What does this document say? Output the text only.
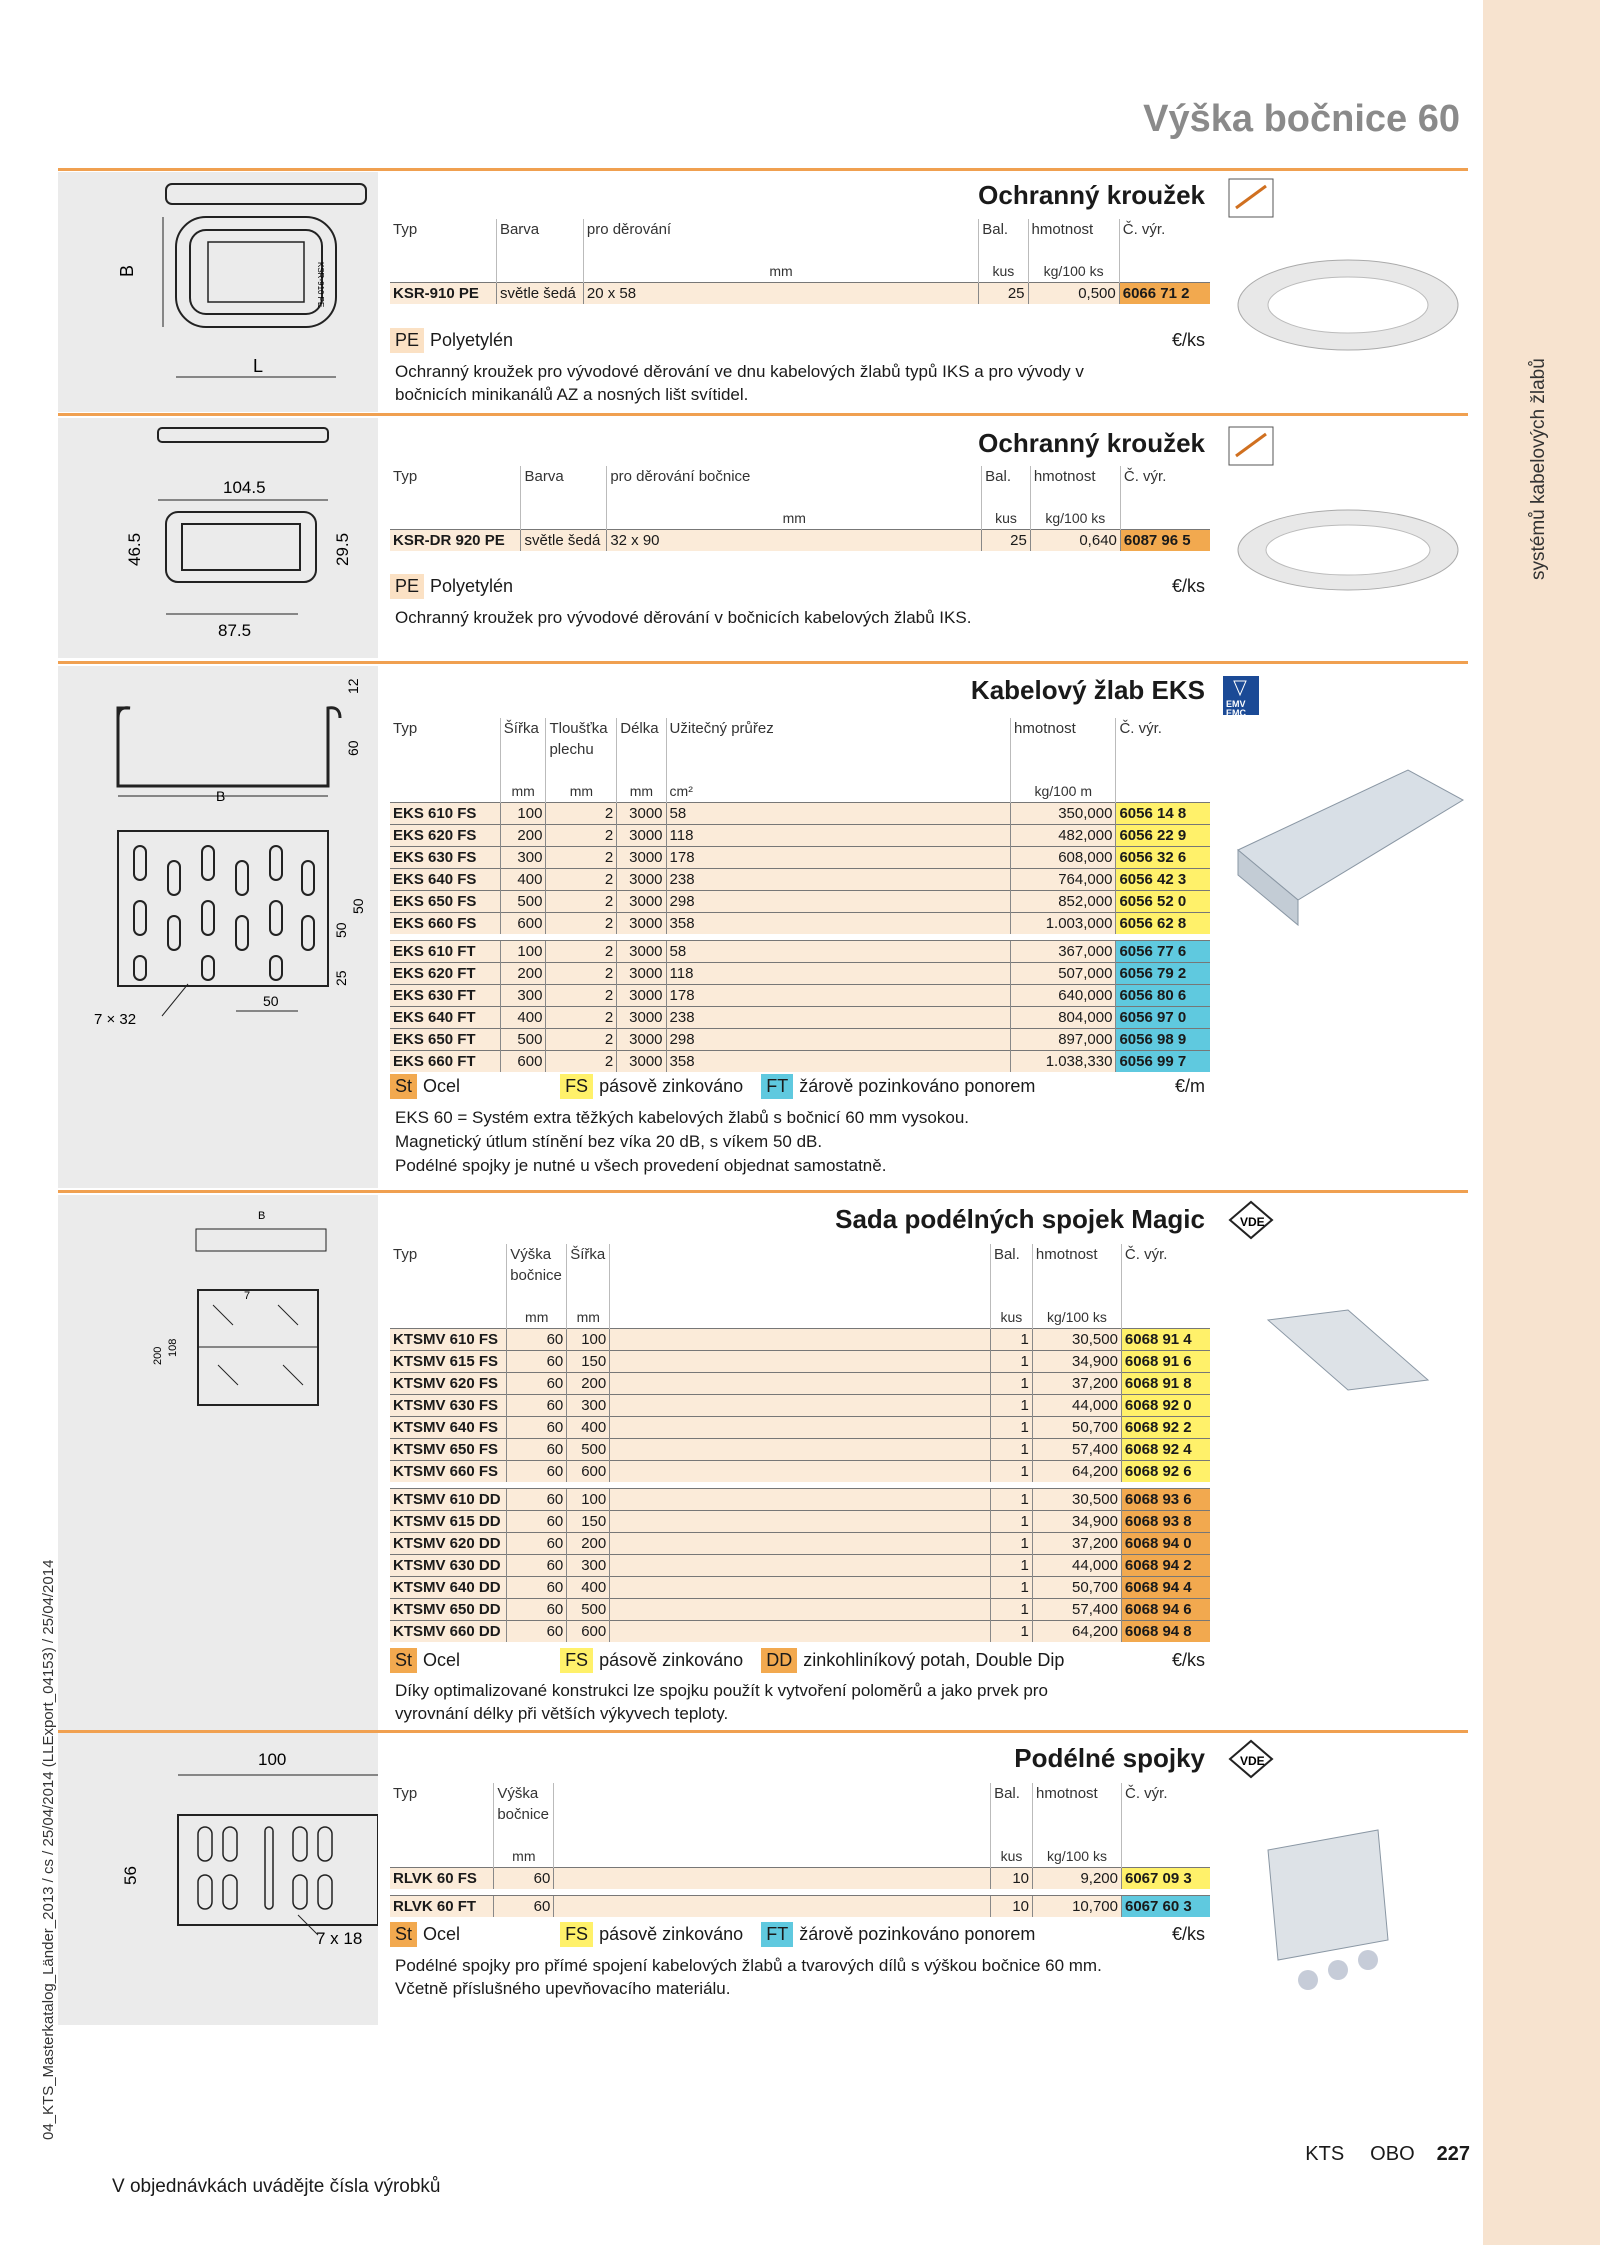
systémů kabelových žlabů
04_KTS_Masterkatalog_Länder_2013 / cs / 25/04/2014 (LLExport_04153) / 25/04/2014
Výška bočnice 60
B
L
KSR-910 PE
Ochranný kroužek
Typ	Barva	pro děrování	Bal.	hmotnost	Č. výr.

		mm	kus	kg/100 ks	
KSR-910 PE	světle šedá	20 x 58	25	0,500	6066 71 2
PE Polyetylén	€/ks
Ochranný kroužek pro vývodové děrování ve dnu kabelových žlabů typů IKS a pro vývody v
bočnicích minikanálů AZ a nosných lišt svítidel.
104.5
46.5	29.5
87.5
Ochranný kroužek
Typ	Barva	pro děrování bočnice	Bal.	hmotnost	Č. výr.

		mm	kus	kg/100 ks	
KSR-DR 920 PE	světle šedá	32 x 90	25	0,640	6087 96 5
PE Polyetylén	€/ks
Ochranný kroužek pro vývodové děrování v bočnicích kabelových žlabů IKS.
B
12
60
50
50
25
50
7 × 32
Kabelový žlab EKS EMV
EMC
Typ	Šířka	Tloušťka plechu	Délka	Užitečný průřez	hmotnost	Č. výr.

	mm	mm	mm	cm²	kg/100 m	
EKS 610 FS	100	2	3000	58	350,000	6056 14 8
EKS 620 FS	200	2	3000	118	482,000	6056 22 9
EKS 630 FS	300	2	3000	178	608,000	6056 32 6
EKS 640 FS	400	2	3000	238	764,000	6056 42 3
EKS 650 FS	500	2	3000	298	852,000	6056 52 0
EKS 660 FS	600	2	3000	358	1.003,000	6056 62 8

EKS 610 FT	100	2	3000	58	367,000	6056 77 6
EKS 620 FT	200	2	3000	118	507,000	6056 79 2
EKS 630 FT	300	2	3000	178	640,000	6056 80 6
EKS 640 FT	400	2	3000	238	804,000	6056 97 0
EKS 650 FT	500	2	3000	298	897,000	6056 98 9
EKS 660 FT	600	2	3000	358	1.038,330	6056 99 7
St Ocel	FS pásově zinkováno FT žárově pozinkováno ponorem	€/m
EKS 60 = Systém extra těžkých kabelových žlabů s bočnicí 60 mm vysokou.
Magnetický útlum stínění bez víka 20 dB, s víkem 50 dB.
Podélné spojky je nutné u všech provedení objednat samostatně.
B
200 108
7
Sada podélných spojek Magic	VDE
Typ	Výška bočnice	Šířka		Bal.	hmotnost	Č. výr.

	mm	mm		kus	kg/100 ks	
KTSMV 610 FS	60	100		1	30,500	6068 91 4
KTSMV 615 FS	60	150		1	34,900	6068 91 6
KTSMV 620 FS	60	200		1	37,200	6068 91 8
KTSMV 630 FS	60	300		1	44,000	6068 92 0
KTSMV 640 FS	60	400		1	50,700	6068 92 2
KTSMV 650 FS	60	500		1	57,400	6068 92 4
KTSMV 660 FS	60	600		1	64,200	6068 92 6

KTSMV 610 DD	60	100		1	30,500	6068 93 6
KTSMV 615 DD	60	150		1	34,900	6068 93 8
KTSMV 620 DD	60	200		1	37,200	6068 94 0
KTSMV 630 DD	60	300		1	44,000	6068 94 2
KTSMV 640 DD	60	400		1	50,700	6068 94 4
KTSMV 650 DD	60	500		1	57,400	6068 94 6
KTSMV 660 DD	60	600		1	64,200	6068 94 8
St Ocel	FS pásově zinkováno DD zinkohliníkový potah, Double Dip	€/ks
Díky optimalizované konstrukci lze spojku použít k vytvoření poloměrů a jako prvek pro
vyrovnání délky při větších výkyvech teploty.
100
56
7 x 18
Podélné spojky	VDE
Typ	Výška bočnice		Bal.	hmotnost	Č. výr.

	mm		kus	kg/100 ks	
RLVK 60 FS	60		10	9,200	6067 09 3

RLVK 60 FT	60		10	10,700	6067 60 3
St Ocel	FS pásově zinkováno FT žárově pozinkováno ponorem	€/ks
Podélné spojky pro přímé spojení kabelových žlabů a tvarových dílů s výškou bočnice 60 mm.
Včetně příslušného upevňovacího materiálu.
V objednávkách uvádějte čísla výrobků
KTS OBO 227
